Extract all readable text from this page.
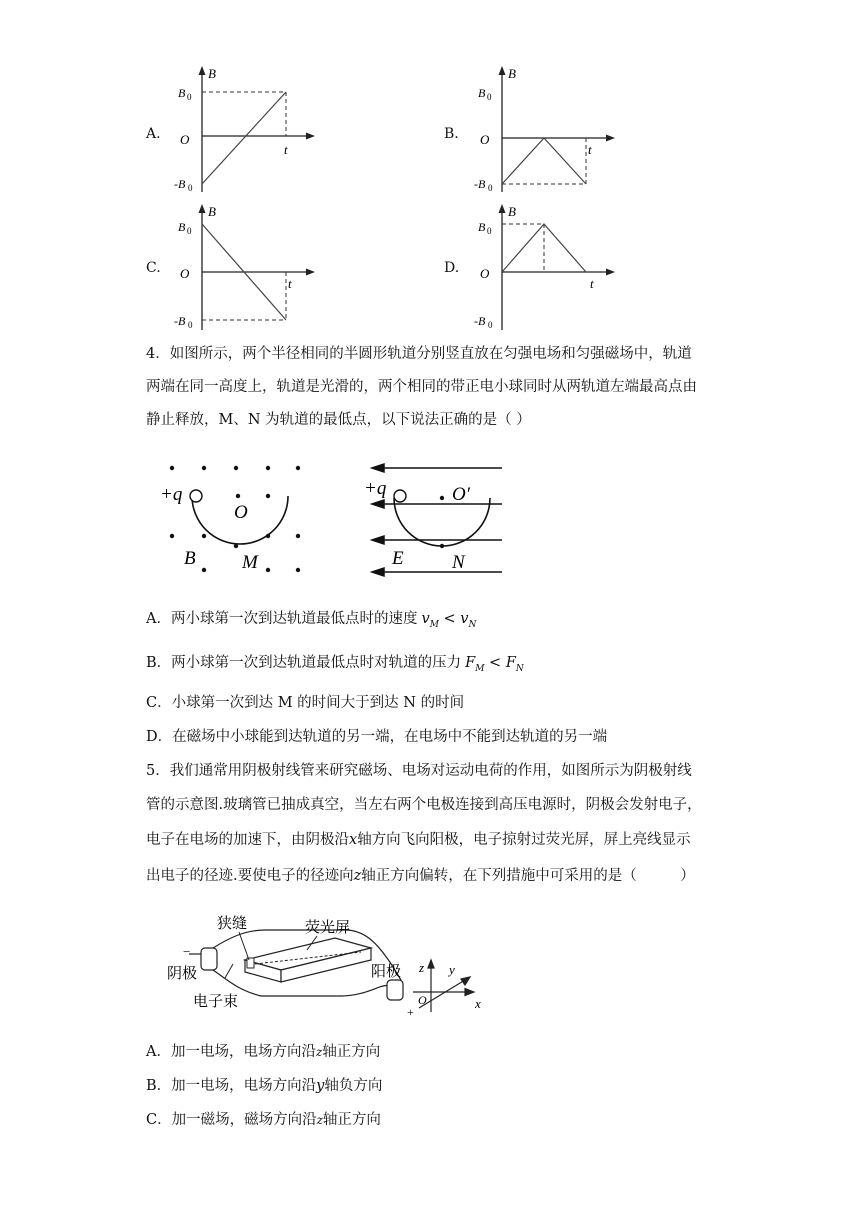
A.
B
t
O
B 0
-B 0
B.
B
t
O
B 0
-B 0
C.
B
t
O
B 0
-B 0
D.
B
t
O
B 0
-B 0
4．如图所示，两个半径相同的半圆形轨道分别竖直放在匀强电场和匀强磁场中，轨道
两端在同一高度上，轨道是光滑的，两个相同的带正电小球同时从两轨道左端最高点由
静止释放，M、N 为轨道的最低点，以下说法正确的是（ ）
+q
O
B M
+q	O′
E	N
A．两小球第一次到达轨道最低点时的速度 $v_M < v_N$
B．两小球第一次到达轨道最低点时对轨道的压力 $F_M < F_N$
C．小球第一次到达 M 的时间大于到达 N 的时间
D．在磁场中小球能到达轨道的另一端，在电场中不能到达轨道的另一端
5．我们通常用阴极射线管来研究磁场、电场对运动电荷的作用，如图所示为阴极射线
管的示意图.玻璃管已抽成真空，当左右两个电极连接到高压电源时，阴极会发射电子，
电子在电场的加速下，由阴极沿x轴方向飞向阳极，电子掠射过荧光屏，屏上亮线显示
出电子的径迹.要使电子的径迹向z轴正方向偏转，在下列措施中可采用的是（　　　）
狭缝	荧光屏
阴极
电子束
阳极
−
+
z y
O	x
A．加一电场，电场方向沿z轴正方向
B．加一电场，电场方向沿y轴负方向
C．加一磁场，磁场方向沿z轴正方向
